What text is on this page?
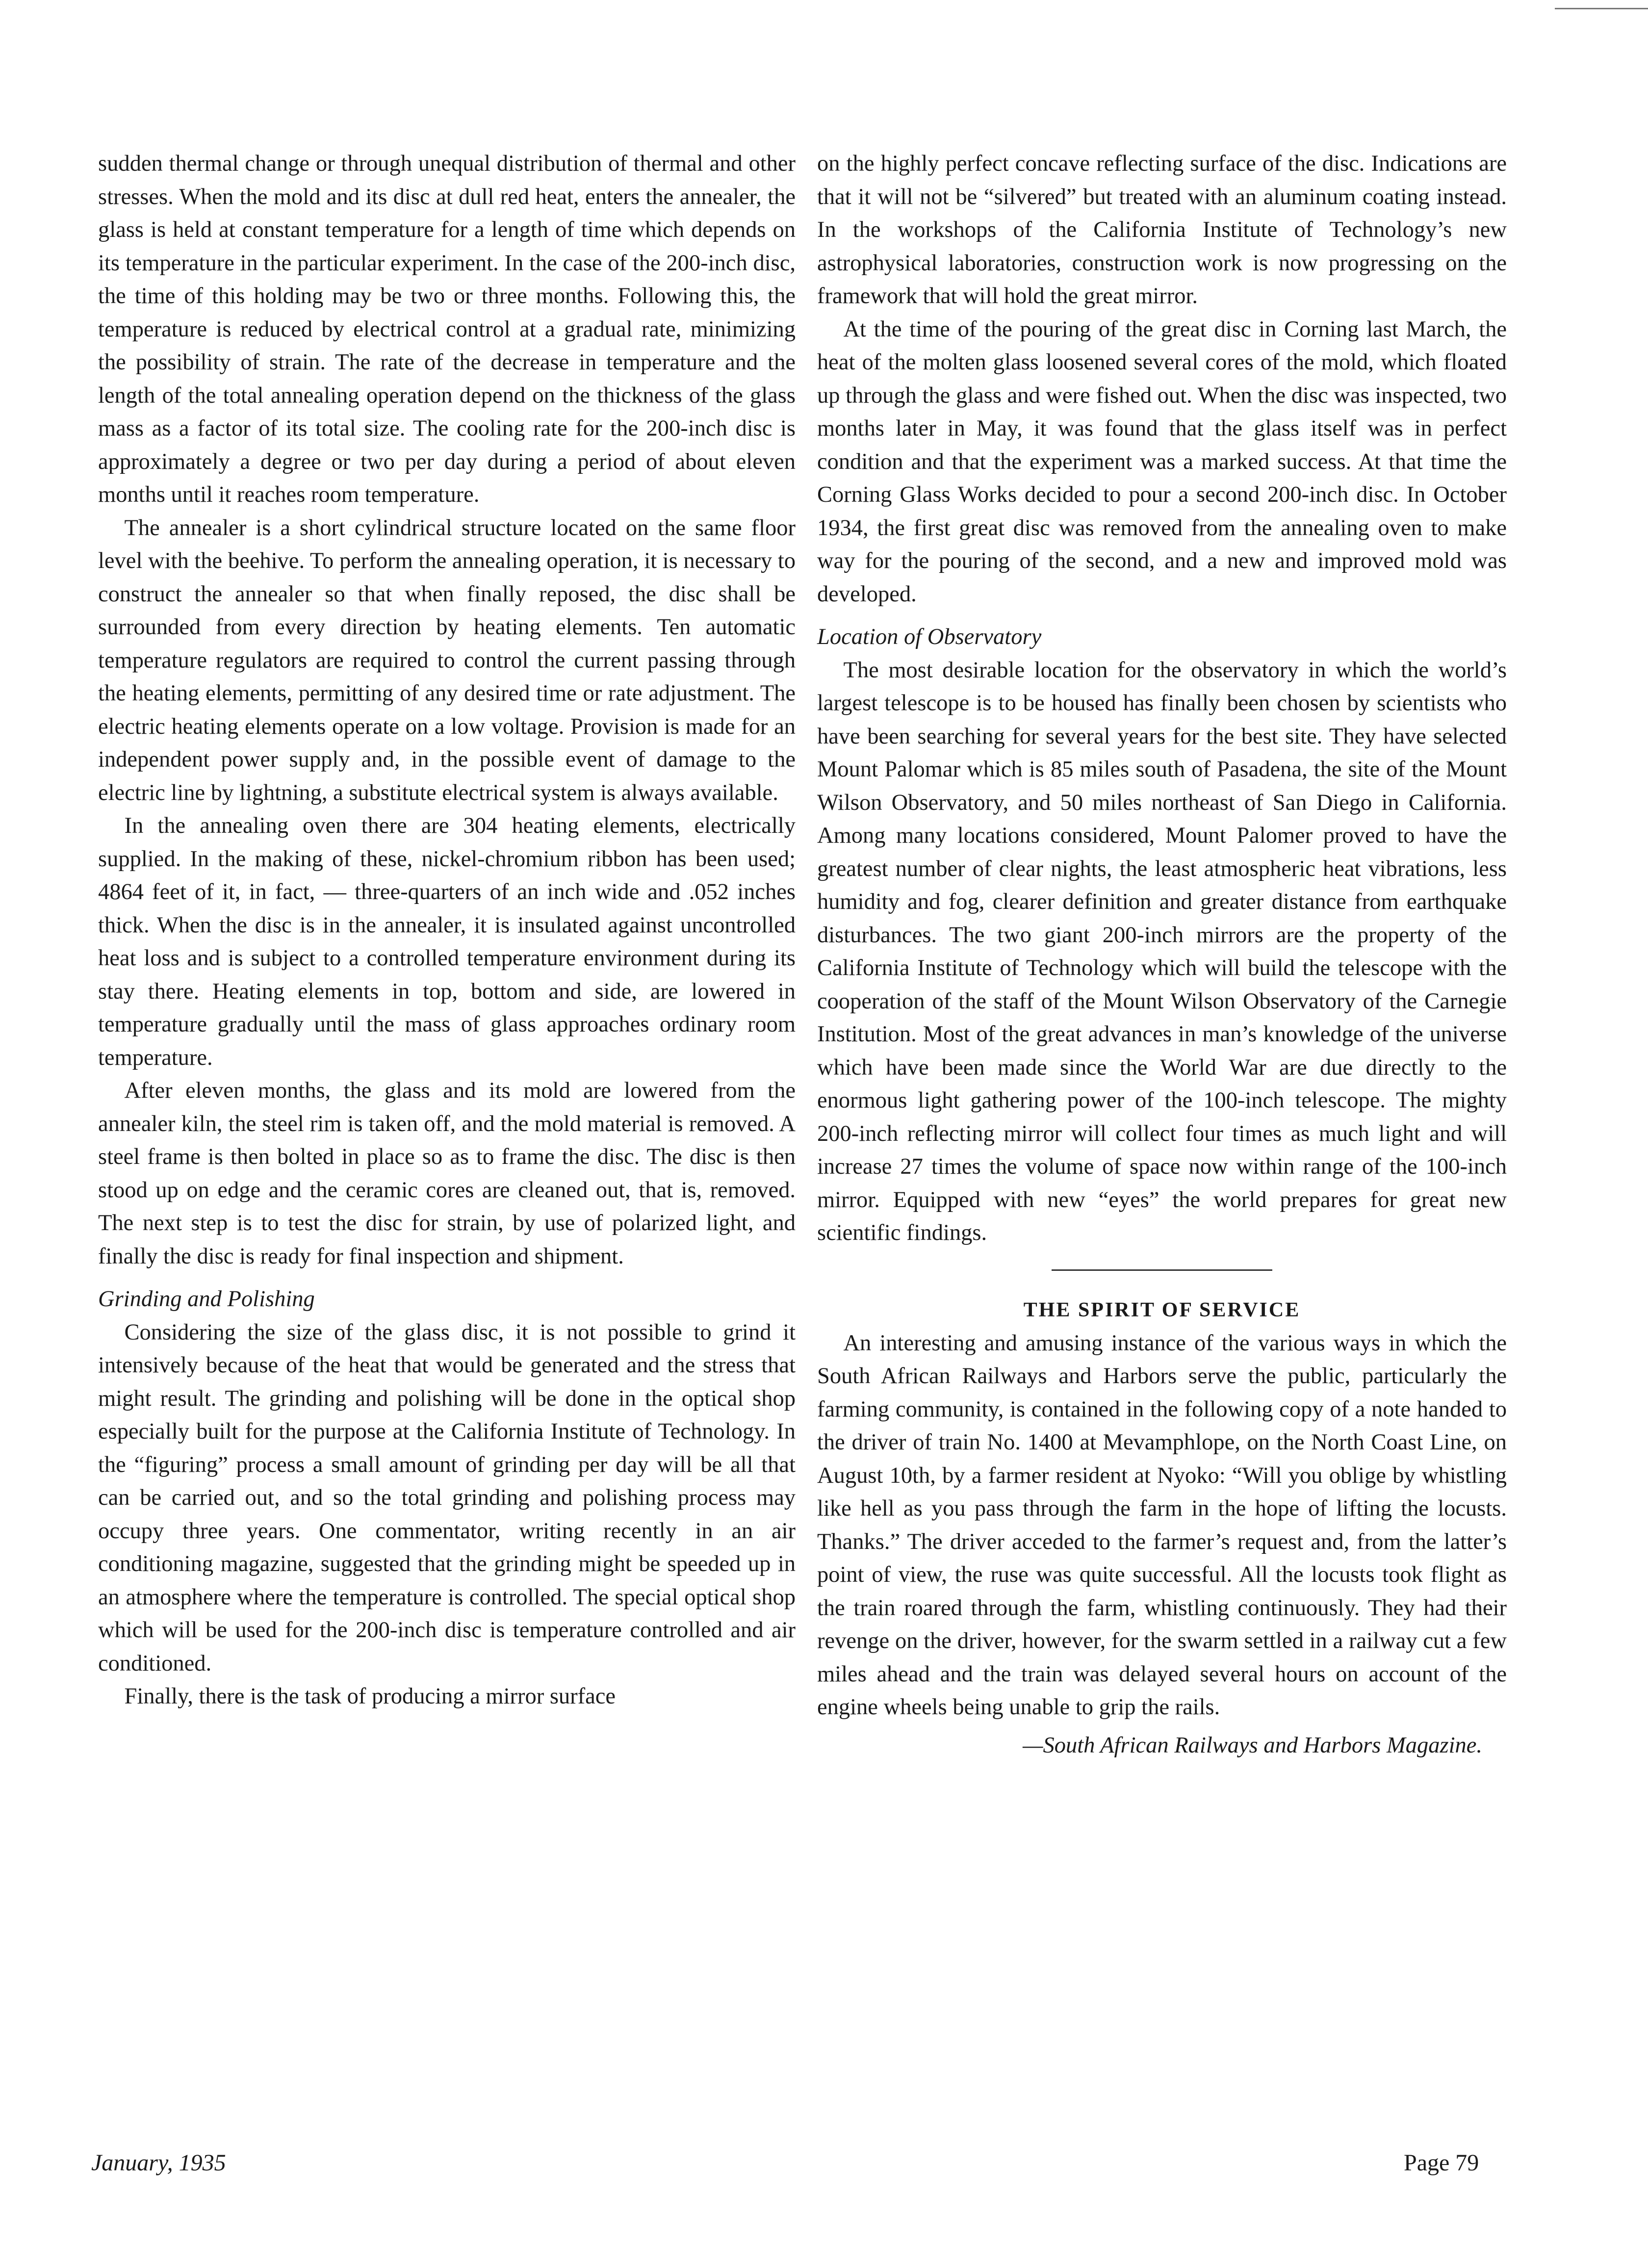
sudden thermal change or through unequal distribution of thermal and other stresses. When the mold and its disc at dull red heat, enters the annealer, the glass is held at constant temperature for a length of time which depends on its temperature in the particular experiment. In the case of the 200-inch disc, the time of this holding may be two or three months. Following this, the temperature is reduced by electrical control at a gradual rate, minimizing the possibility of strain. The rate of the decrease in temperature and the length of the total annealing operation depend on the thickness of the glass mass as a factor of its total size. The cooling rate for the 200-inch disc is approximately a degree or two per day during a period of about eleven months until it reaches room temperature.

The annealer is a short cylindrical structure located on the same floor level with the beehive. To perform the annealing operation, it is necessary to construct the annealer so that when finally reposed, the disc shall be surrounded from every direction by heating elements. Ten automatic temperature regulators are required to control the current passing through the heating elements, permitting of any desired time or rate adjustment. The electric heating elements operate on a low voltage. Provision is made for an independent power supply and, in the possible event of damage to the electric line by lightning, a substitute electrical system is always available.

In the annealing oven there are 304 heating elements, electrically supplied. In the making of these, nickel-chromium ribbon has been used; 4864 feet of it, in fact, — three-quarters of an inch wide and .052 inches thick. When the disc is in the annealer, it is insulated against uncontrolled heat loss and is subject to a controlled temperature environment during its stay there. Heating elements in top, bottom and side, are lowered in temperature gradually until the mass of glass approaches ordinary room temperature.

After eleven months, the glass and its mold are lowered from the annealer kiln, the steel rim is taken off, and the mold material is removed. A steel frame is then bolted in place so as to frame the disc. The disc is then stood up on edge and the ceramic cores are cleaned out, that is, removed. The next step is to test the disc for strain, by use of polarized light, and finally the disc is ready for final inspection and shipment.

Grinding and Polishing

Considering the size of the glass disc, it is not possible to grind it intensively because of the heat that would be generated and the stress that might result. The grinding and polishing will be done in the optical shop especially built for the purpose at the California Institute of Technology. In the “figuring” process a small amount of grinding per day will be all that can be carried out, and so the total grinding and polishing process may occupy three years. One commentator, writing recently in an air conditioning magazine, suggested that the grinding might be speeded up in an atmosphere where the temperature is controlled. The special optical shop which will be used for the 200-inch disc is temperature controlled and air conditioned.

Finally, there is the task of producing a mirror surface

on the highly perfect concave reflecting surface of the disc. Indications are that it will not be “silvered” but treated with an aluminum coating instead. In the workshops of the California Institute of Technology’s new astrophysical laboratories, construction work is now progressing on the framework that will hold the great mirror.

At the time of the pouring of the great disc in Corning last March, the heat of the molten glass loosened several cores of the mold, which floated up through the glass and were fished out. When the disc was inspected, two months later in May, it was found that the glass itself was in perfect condition and that the experiment was a marked success. At that time the Corning Glass Works decided to pour a second 200-inch disc. In October 1934, the first great disc was removed from the annealing oven to make way for the pouring of the second, and a new and improved mold was developed.

Location of Observatory

The most desirable location for the observatory in which the world’s largest telescope is to be housed has finally been chosen by scientists who have been searching for several years for the best site. They have selected Mount Palomar which is 85 miles south of Pasadena, the site of the Mount Wilson Observatory, and 50 miles northeast of San Diego in California. Among many locations considered, Mount Palomer proved to have the greatest number of clear nights, the least atmospheric heat vibrations, less humidity and fog, clearer definition and greater distance from earthquake disturbances. The two giant 200-inch mirrors are the property of the California Institute of Technology which will build the telescope with the cooperation of the staff of the Mount Wilson Observatory of the Carnegie Institution. Most of the great advances in man’s knowledge of the universe which have been made since the World War are due directly to the enormous light gathering power of the 100-inch telescope. The mighty 200-inch reflecting mirror will collect four times as much light and will increase 27 times the volume of space now within range of the 100-inch mirror. Equipped with new “eyes” the world prepares for great new scientific findings.

THE SPIRIT OF SERVICE

An interesting and amusing instance of the various ways in which the South African Railways and Harbors serve the public, particularly the farming community, is contained in the following copy of a note handed to the driver of train No. 1400 at Mevamphlope, on the North Coast Line, on August 10th, by a farmer resident at Nyoko: “Will you oblige by whistling like hell as you pass through the farm in the hope of lifting the locusts. Thanks.” The driver acceded to the farmer’s request and, from the latter’s point of view, the ruse was quite successful. All the locusts took flight as the train roared through the farm, whistling continuously. They had their revenge on the driver, however, for the swarm settled in a railway cut a few miles ahead and the train was delayed several hours on account of the engine wheels being unable to grip the rails.

—South African Railways and Harbors Magazine.
January, 1935	Page 79
